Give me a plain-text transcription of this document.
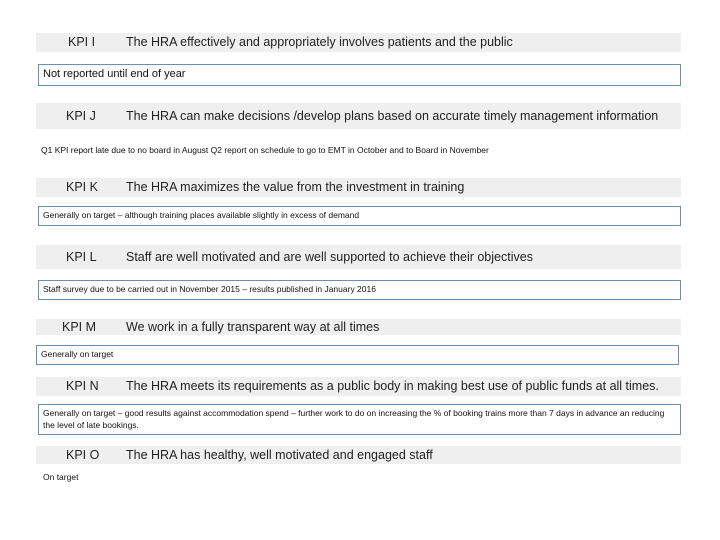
KPI I The HRA effectively and appropriately involves patients and the public
Not reported until end of year
KPI J The HRA can make decisions /develop plans based on accurate timely management information
Q1 KPI report late due to no board in August Q2 report on schedule to go to EMT in October and to Board in November
KPI K The HRA maximizes the value from the investment in training
Generally on target – although training places available slightly in excess of demand
KPI L Staff are well motivated and are well supported to achieve their objectives
Staff survey due to be carried out in November 2015 – results published in January 2016
KPI M We work in a fully transparent way at all times
Generally on target
KPI N The HRA meets its requirements as a public body in making best use of public funds at all times.
Generally on target – good results against accommodation spend – further work to do on increasing the % of booking trains more than 7 days in advance an reducing the level of late bookings.
KPI O The HRA has healthy, well motivated and engaged staff
On target
